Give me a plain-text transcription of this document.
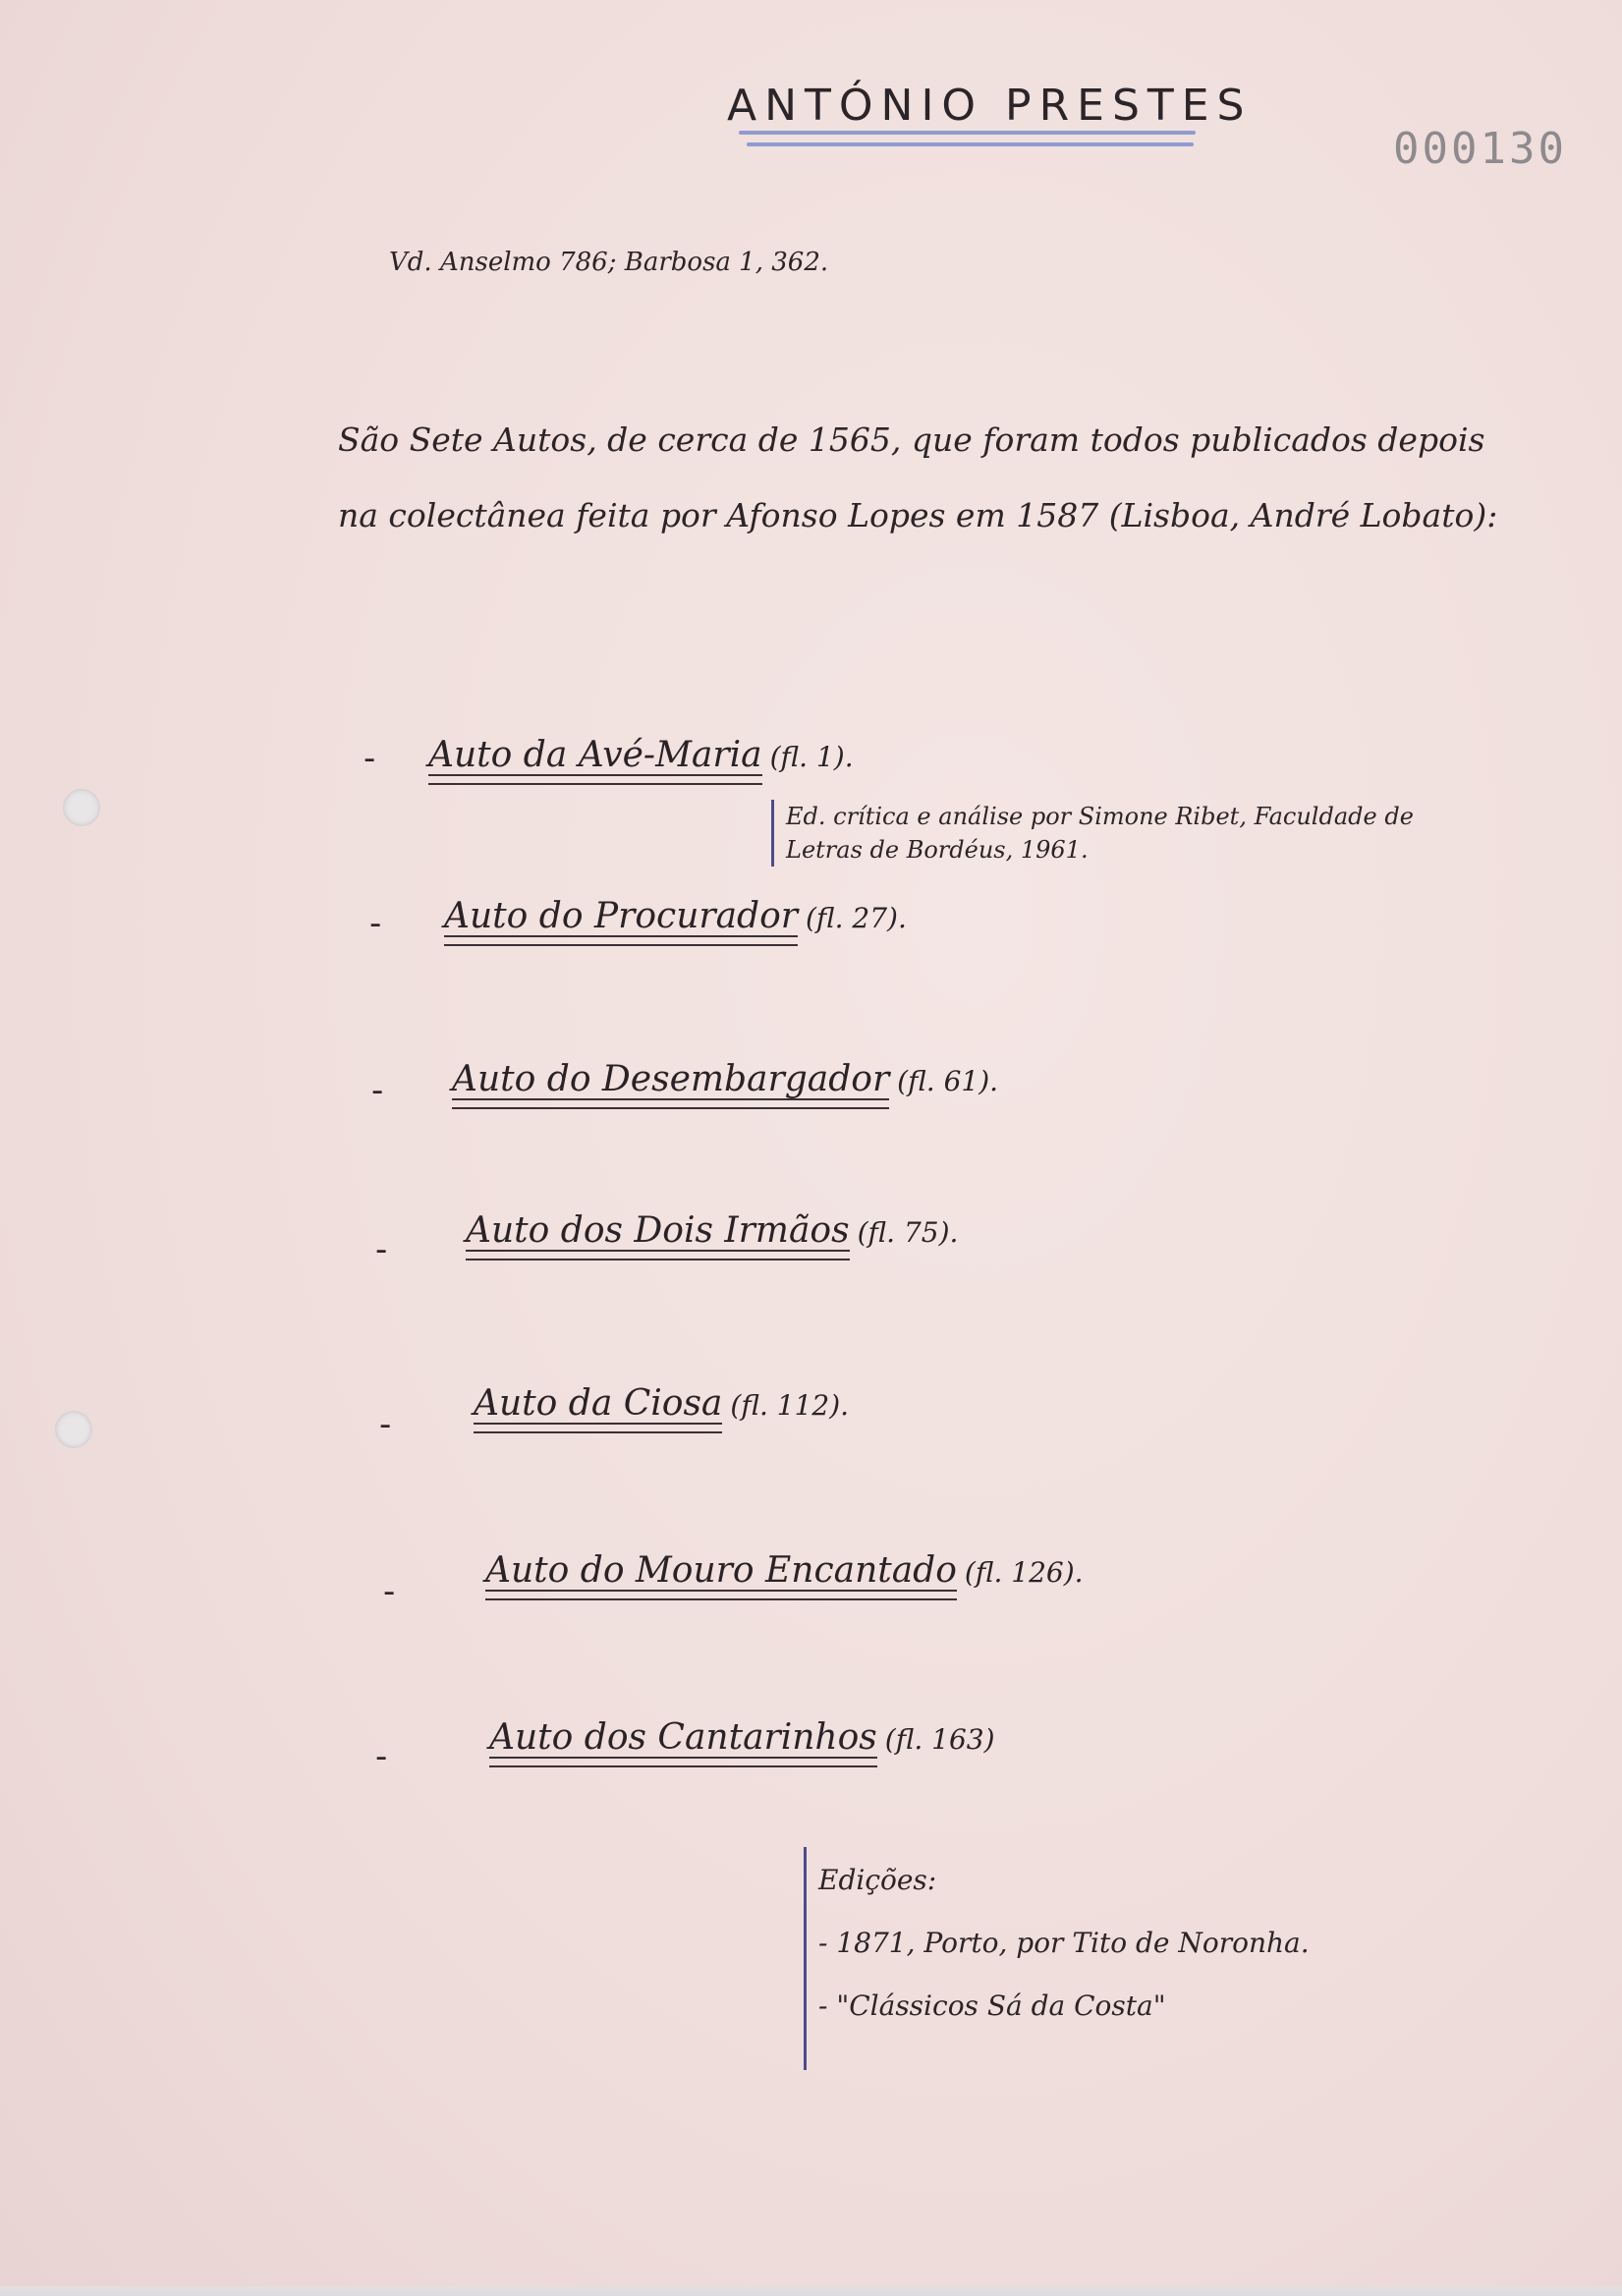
ANTÓNIO PRESTES
000130
Vd. Anselmo 786; Barbosa 1, 362.
São Sete Autos, de cerca de 1565, que foram todos publicados depois
na colectânea feita por Afonso Lopes em 1587 (Lisboa, André Lobato):
- Auto da Avé-Maria (fl. 1).
Ed. crítica e análise por Simone Ribet, Faculdade de
Letras de Bordéus, 1961.
- Auto do Procurador (fl. 27).
- Auto do Desembargador (fl. 61).
- Auto dos Dois Irmãos (fl. 75).
-
Auto da Ciosa (fl. 112).
-
Auto do Mouro Encantado (fl. 126).
-	Auto dos Cantarinhos (fl. 163)
Edições:
- 1871, Porto, por Tito de Noronha.
- "Clássicos Sá da Costa"
